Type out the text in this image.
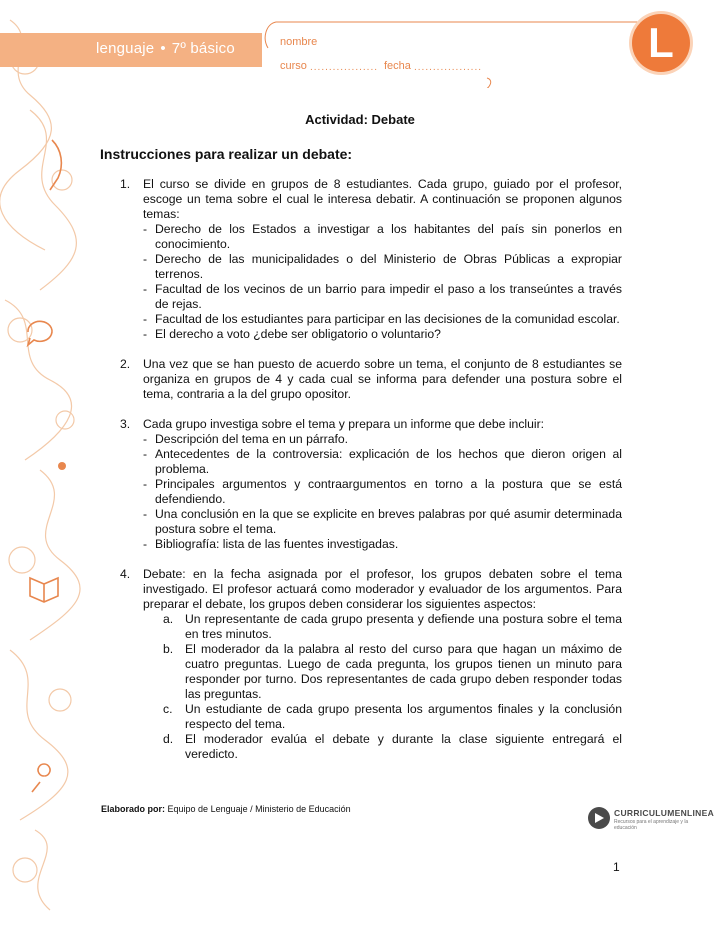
lenguaje • 7º básico	nombre
curso .................. fecha ..................
L
Actividad: Debate
Instrucciones para realizar un debate:
1. El curso se divide en grupos de 8 estudiantes. Cada grupo, guiado por el profesor, escoge un tema sobre el cual le interesa debatir. A continuación se proponen algunos temas:
- Derecho de los Estados a investigar a los habitantes del país sin ponerlos en conocimiento.
- Derecho de las municipalidades o del Ministerio de Obras Públicas a expropiar terrenos.
- Facultad de los vecinos de un barrio para impedir el paso a los transeúntes a través de rejas.
- Facultad de los estudiantes para participar en las decisiones de la comunidad escolar.
- El derecho a voto ¿debe ser obligatorio o voluntario?
2. Una vez que se han puesto de acuerdo sobre un tema, el conjunto de 8 estudiantes se organiza en grupos de 4 y cada cual se informa para defender una postura sobre el tema, contraria a la del grupo opositor.
3. Cada grupo investiga sobre el tema y prepara un informe que debe incluir:
- Descripción del tema en un párrafo.
- Antecedentes de la controversia: explicación de los hechos que dieron origen al problema.
- Principales argumentos y contraargumentos en torno a la postura que se está defendiendo.
- Una conclusión en la que se explicite en breves palabras por qué asumir determinada postura sobre el tema.
- Bibliografía: lista de las fuentes investigadas.
4. Debate: en la fecha asignada por el profesor, los grupos debaten sobre el tema investigado. El profesor actuará como moderador y evaluador de los argumentos. Para preparar el debate, los grupos deben considerar los siguientes aspectos:
a. Un representante de cada grupo presenta y defiende una postura sobre el tema en tres minutos.
b. El moderador da la palabra al resto del curso para que hagan un máximo de cuatro preguntas. Luego de cada pregunta, los grupos tienen un minuto para responder por turno. Dos representantes de cada grupo deben responder todas las preguntas.
c. Un estudiante de cada grupo presenta los argumentos finales y la conclusión respecto del tema.
d. El moderador evalúa el debate y durante la clase siguiente entregará el veredicto.
Elaborado por: Equipo de Lenguaje / Ministerio de Educación	CURRICULUMENLINEA
Recursos para el aprendizaje y la educación
1
